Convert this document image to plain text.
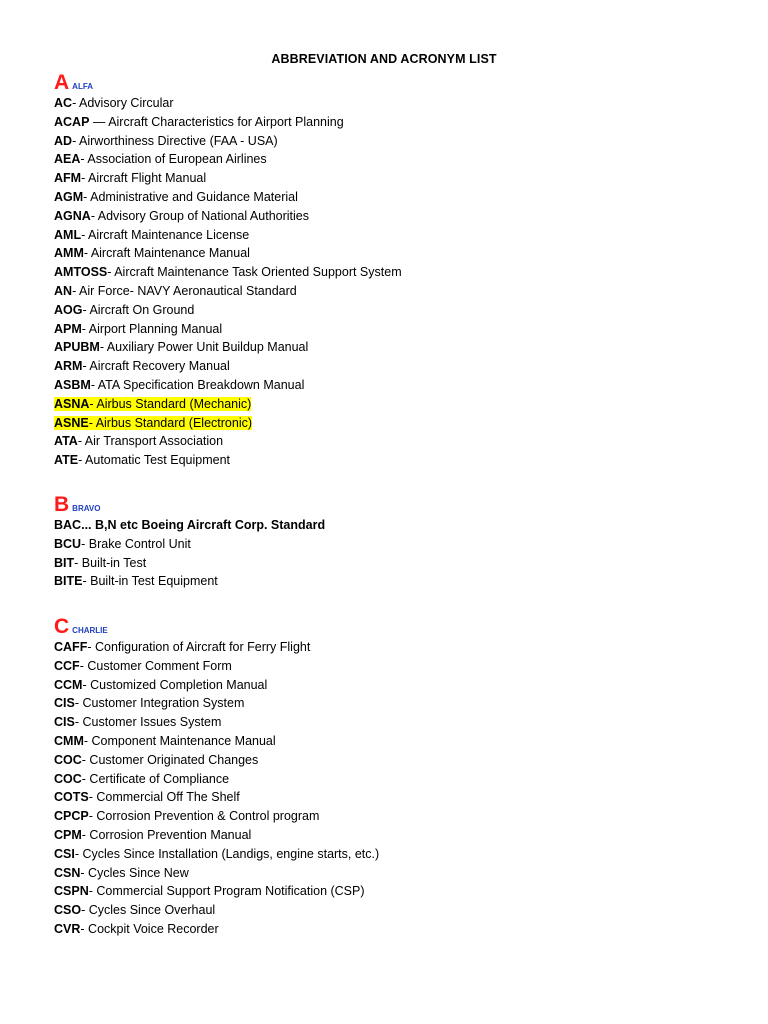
ABBREVIATION AND ACRONYM LIST
AALFA
AC- Advisory Circular
ACAP — Aircraft Characteristics for Airport Planning
AD- Airworthiness Directive (FAA - USA)
AEA- Association of European Airlines
AFM- Aircraft Flight Manual
AGM- Administrative and Guidance Material
AGNA- Advisory Group of National Authorities
AML- Aircraft Maintenance License
AMM- Aircraft Maintenance Manual
AMTOSS- Aircraft Maintenance Task Oriented Support System
AN- Air Force- NAVY Aeronautical Standard
AOG- Aircraft On Ground
APM- Airport Planning Manual
APUBM- Auxiliary Power Unit Buildup Manual
ARM- Aircraft Recovery Manual
ASBM- ATA Specification Breakdown Manual
ASNA- Airbus Standard (Mechanic)
ASNE- Airbus Standard (Electronic)
ATA- Air Transport Association
ATE- Automatic Test Equipment
BBRAVO
BAC... B,N etc Boeing Aircraft Corp. Standard
BCU- Brake Control Unit
BIT- Built-in Test
BITE- Built-in Test Equipment
CCHARLIE
CAFF- Configuration of Aircraft for Ferry Flight
CCF- Customer Comment Form
CCM- Customized Completion Manual
CIS- Customer Integration System
CIS- Customer Issues System
CMM- Component Maintenance Manual
COC- Customer Originated Changes
COC- Certificate of Compliance
COTS- Commercial Off The Shelf
CPCP- Corrosion Prevention & Control program
CPM- Corrosion Prevention Manual
CSI- Cycles Since Installation (Landigs, engine starts, etc.)
CSN- Cycles Since New
CSPN- Commercial Support Program Notification (CSP)
CSO- Cycles Since Overhaul
CVR- Cockpit Voice Recorder
